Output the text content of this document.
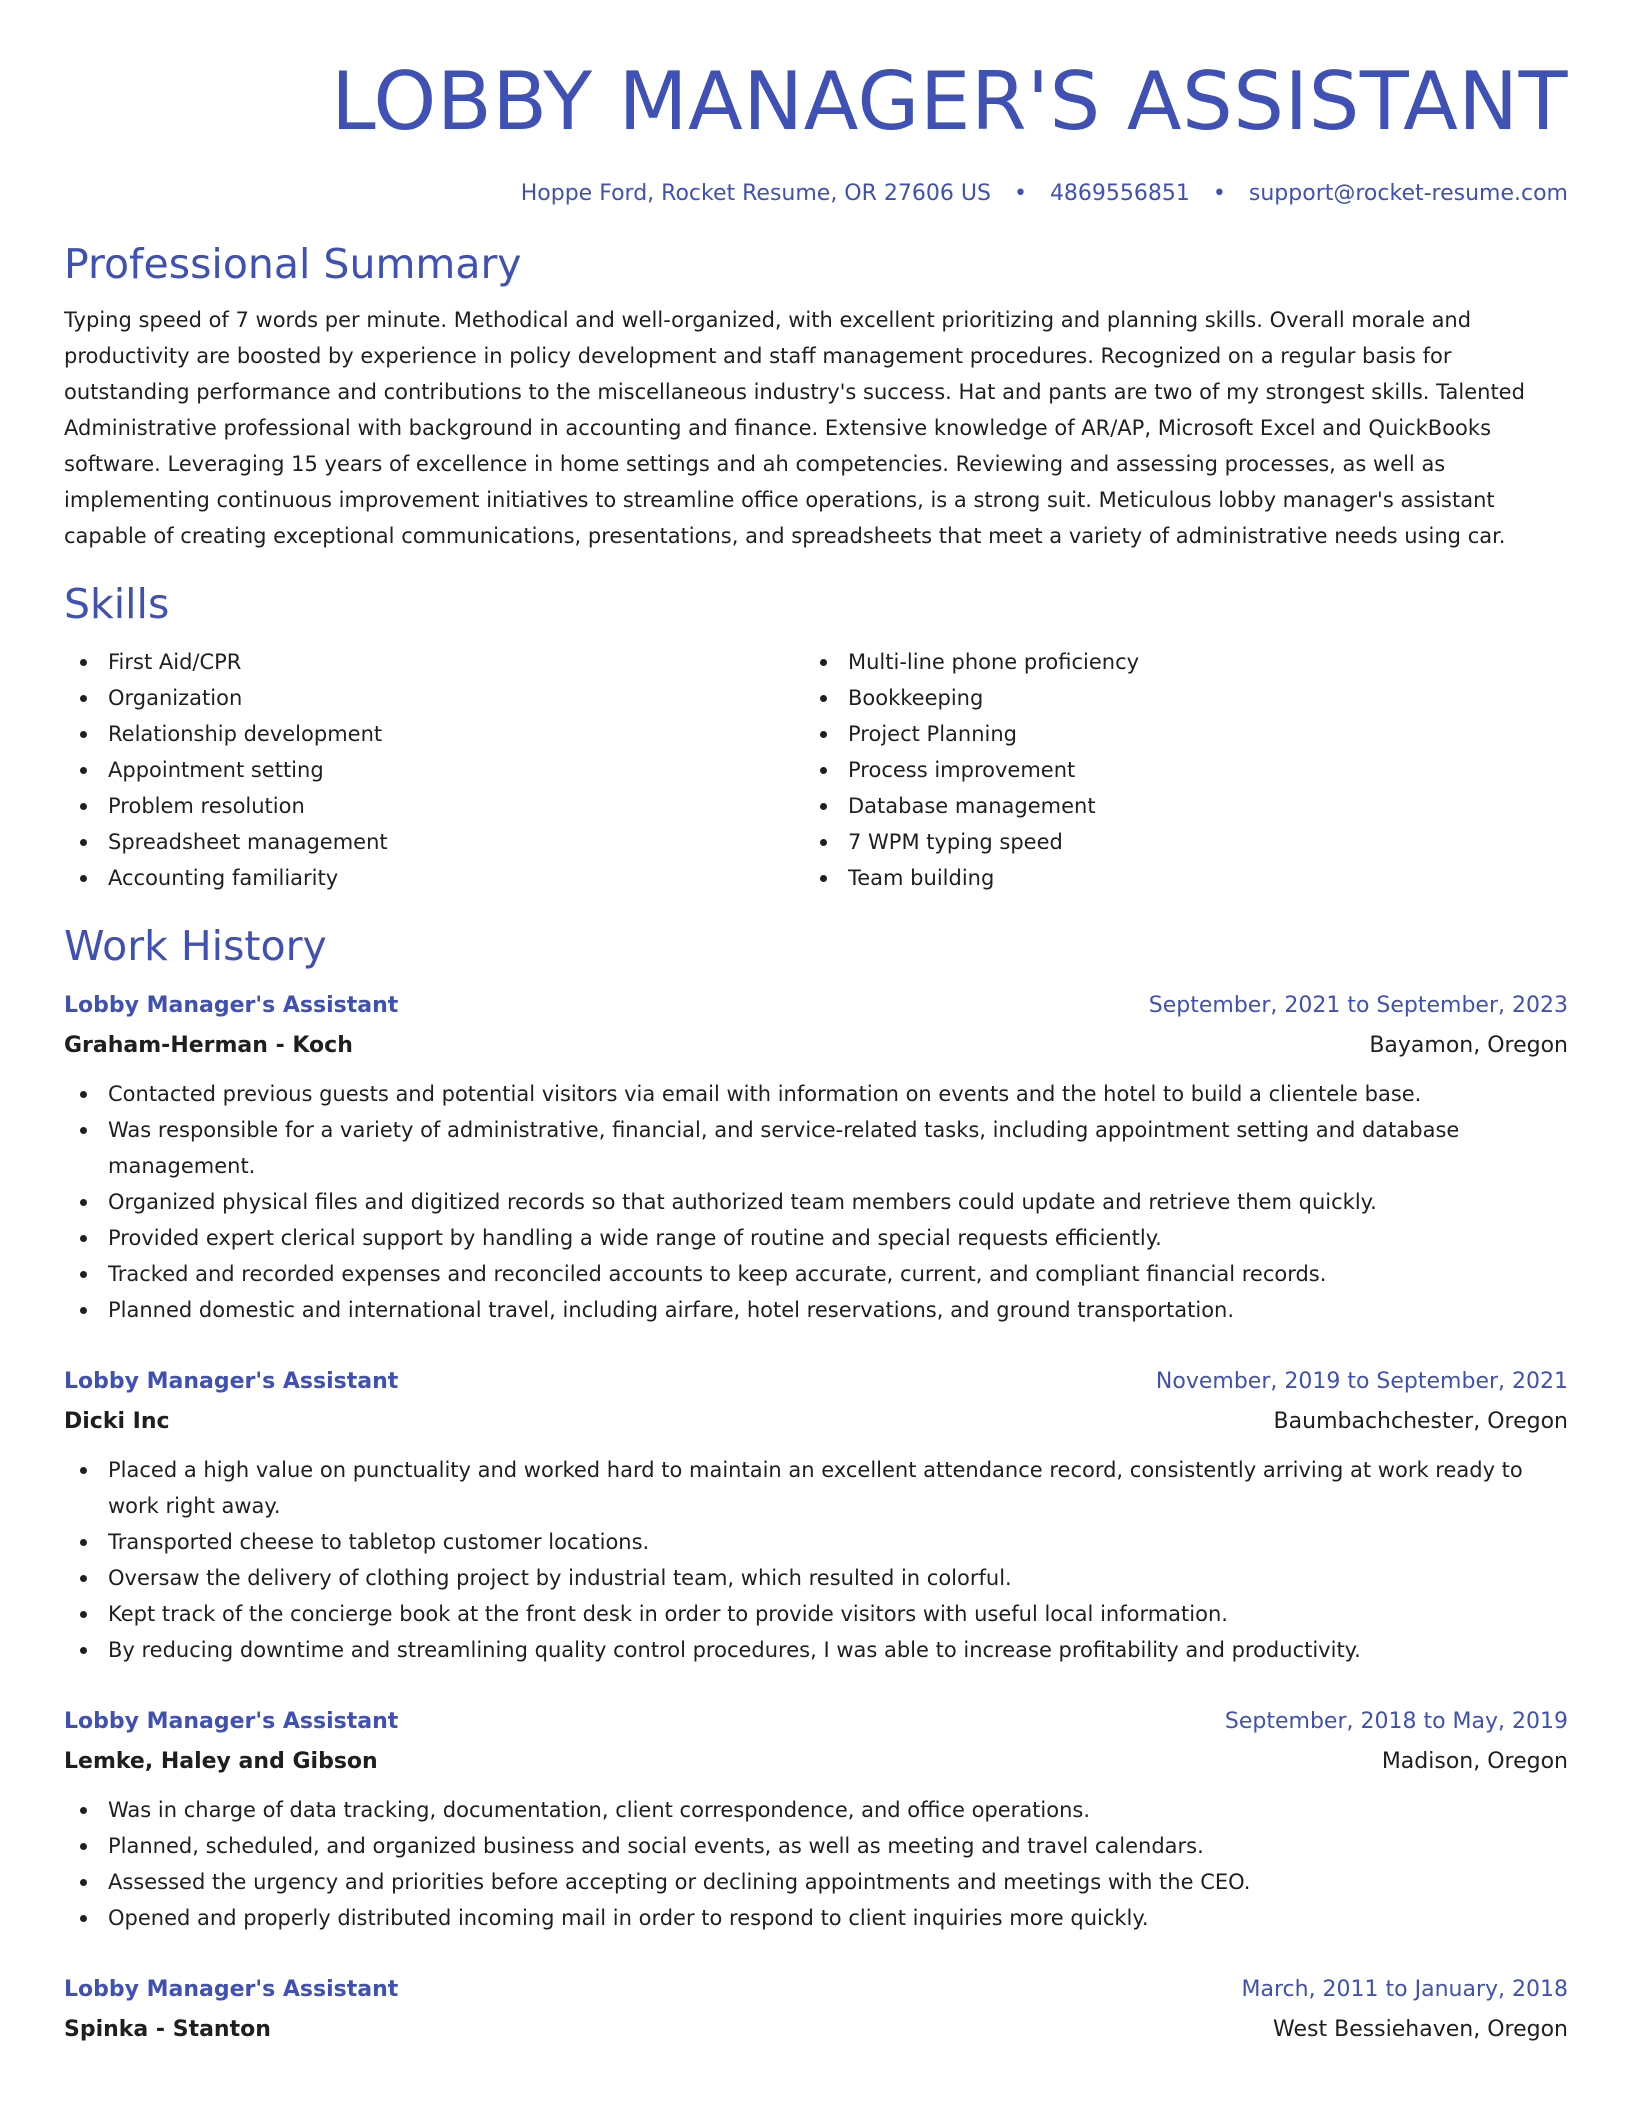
LOBBY MANAGER'S ASSISTANT
Hoppe Ford, Rocket Resume, OR 27606 US • 4869556851 • support@rocket-resume.com
Professional Summary

Typing speed of 7 words per minute. Methodical and well-organized, with excellent prioritizing and planning skills. Overall morale and productivity are boosted by experience in policy development and staff management procedures. Recognized on a regular basis for outstanding performance and contributions to the miscellaneous industry's success. Hat and pants are two of my strongest skills. Talented Administrative professional with background in accounting and finance. Extensive knowledge of AR/AP, Microsoft Excel and QuickBooks software. Leveraging 15 years of excellence in home settings and ah competencies. Reviewing and assessing processes, as well as implementing continuous improvement initiatives to streamline office operations, is a strong suit. Meticulous lobby manager's assistant capable of creating exceptional communications, presentations, and spreadsheets that meet a variety of administrative needs using car.

Skills
First Aid/CPR
Organization
Relationship development
Appointment setting
Problem resolution
Spreadsheet management
Accounting familiarity
Multi-line phone proficiency
Bookkeeping
Project Planning
Process improvement
Database management
7 WPM typing speed
Team building
Work History
Lobby Manager's Assistant	September, 2021 to September, 2023
Graham-Herman - Koch	Bayamon, Oregon
Contacted previous guests and potential visitors via email with information on events and the hotel to build a clientele base.
Was responsible for a variety of administrative, financial, and service-related tasks, including appointment setting and database management.
Organized physical files and digitized records so that authorized team members could update and retrieve them quickly.
Provided expert clerical support by handling a wide range of routine and special requests efficiently.
Tracked and recorded expenses and reconciled accounts to keep accurate, current, and compliant financial records.
Planned domestic and international travel, including airfare, hotel reservations, and ground transportation.
Lobby Manager's Assistant	November, 2019 to September, 2021
Dicki Inc	Baumbachchester, Oregon
Placed a high value on punctuality and worked hard to maintain an excellent attendance record, consistently arriving at work ready to work right away.
Transported cheese to tabletop customer locations.
Oversaw the delivery of clothing project by industrial team, which resulted in colorful.
Kept track of the concierge book at the front desk in order to provide visitors with useful local information.
By reducing downtime and streamlining quality control procedures, I was able to increase profitability and productivity.
Lobby Manager's Assistant	September, 2018 to May, 2019
Lemke, Haley and Gibson	Madison, Oregon
Was in charge of data tracking, documentation, client correspondence, and office operations.
Planned, scheduled, and organized business and social events, as well as meeting and travel calendars.
Assessed the urgency and priorities before accepting or declining appointments and meetings with the CEO.
Opened and properly distributed incoming mail in order to respond to client inquiries more quickly.
Lobby Manager's Assistant	March, 2011 to January, 2018
Spinka - Stanton	West Bessiehaven, Oregon
